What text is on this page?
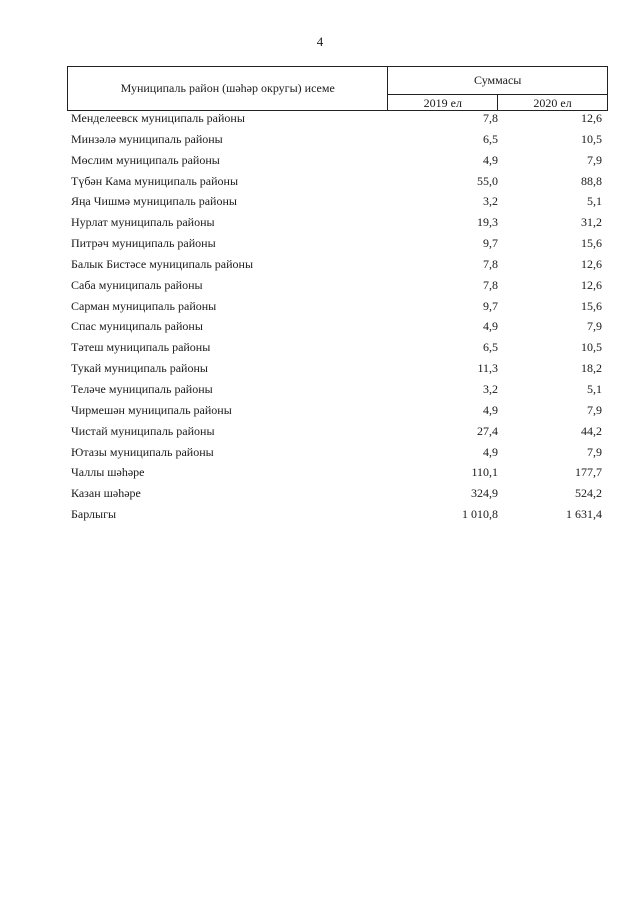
4
Муниципаль район (шәһәр округы) исеме	Суммасы	
	2019 ел	2020 ел
Менделеевск муниципаль районы	7,8	12,6
Минзәлә муниципаль районы	6,5	10,5
Мөслим муниципаль районы	4,9	7,9
Түбән Кама муниципаль районы	55,0	88,8
Яңа Чишмә муниципаль районы	3,2	5,1
Нурлат муниципаль районы	19,3	31,2
Питрәч муниципаль районы	9,7	15,6
Балык Бистәсе муниципаль районы	7,8	12,6
Саба муниципаль районы	7,8	12,6
Сарман муниципаль районы	9,7	15,6
Спас муниципаль районы	4,9	7,9
Тәтеш муниципаль районы	6,5	10,5
Тукай муниципаль районы	11,3	18,2
Теләче муниципаль районы	3,2	5,1
Чирмешән муниципаль районы	4,9	7,9
Чистай муниципаль районы	27,4	44,2
Ютазы муниципаль районы	4,9	7,9
Чаллы шәһәре	110,1	177,7
Казан шәһәре	324,9	524,2
Барлыгы	1 010,8	1 631,4
